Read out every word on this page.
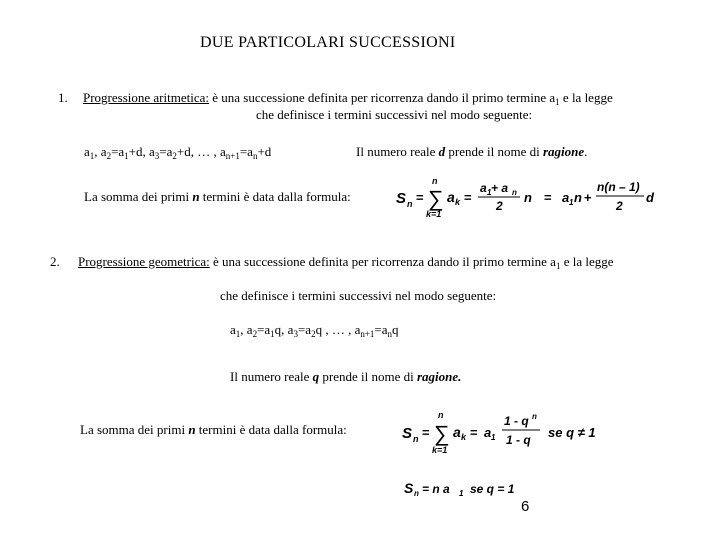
DUE PARTICOLARI SUCCESSIONI
1. Progressione aritmetica: è una successione definita per ricorrenza dando il primo termine $a_1$ e la legge
che definisce i termini successivi nel modo seguente:
$a_1$, $a_2=a_1+d$, $a_3=a_2+d$, … , $a_{n+1}=a_n+d$	Il numero reale d prende il nome di ragione.
La somma dei primi n termini è data dalla formula:	S n =
n
∑
k=1
a k =
a 1 + a n
2
n = a 1 n +
n(n – 1)
2
d
2. Progressione geometrica: è una successione definita per ricorrenza dando il primo termine $a_1$ e la legge
che definisce i termini successivi nel modo seguente:
$a_1$, $a_2=a_1q$, $a_3=a_2q$ , … , $a_{n+1}=a_nq$
Il numero reale q prende il nome di ragione.
La somma dei primi n termini è data dalla formula:	S n =
n
∑
k=1
a k = a 1
1 - q n
1 - q se q ≠ 1
S n = n a 1 se q = 1
6
